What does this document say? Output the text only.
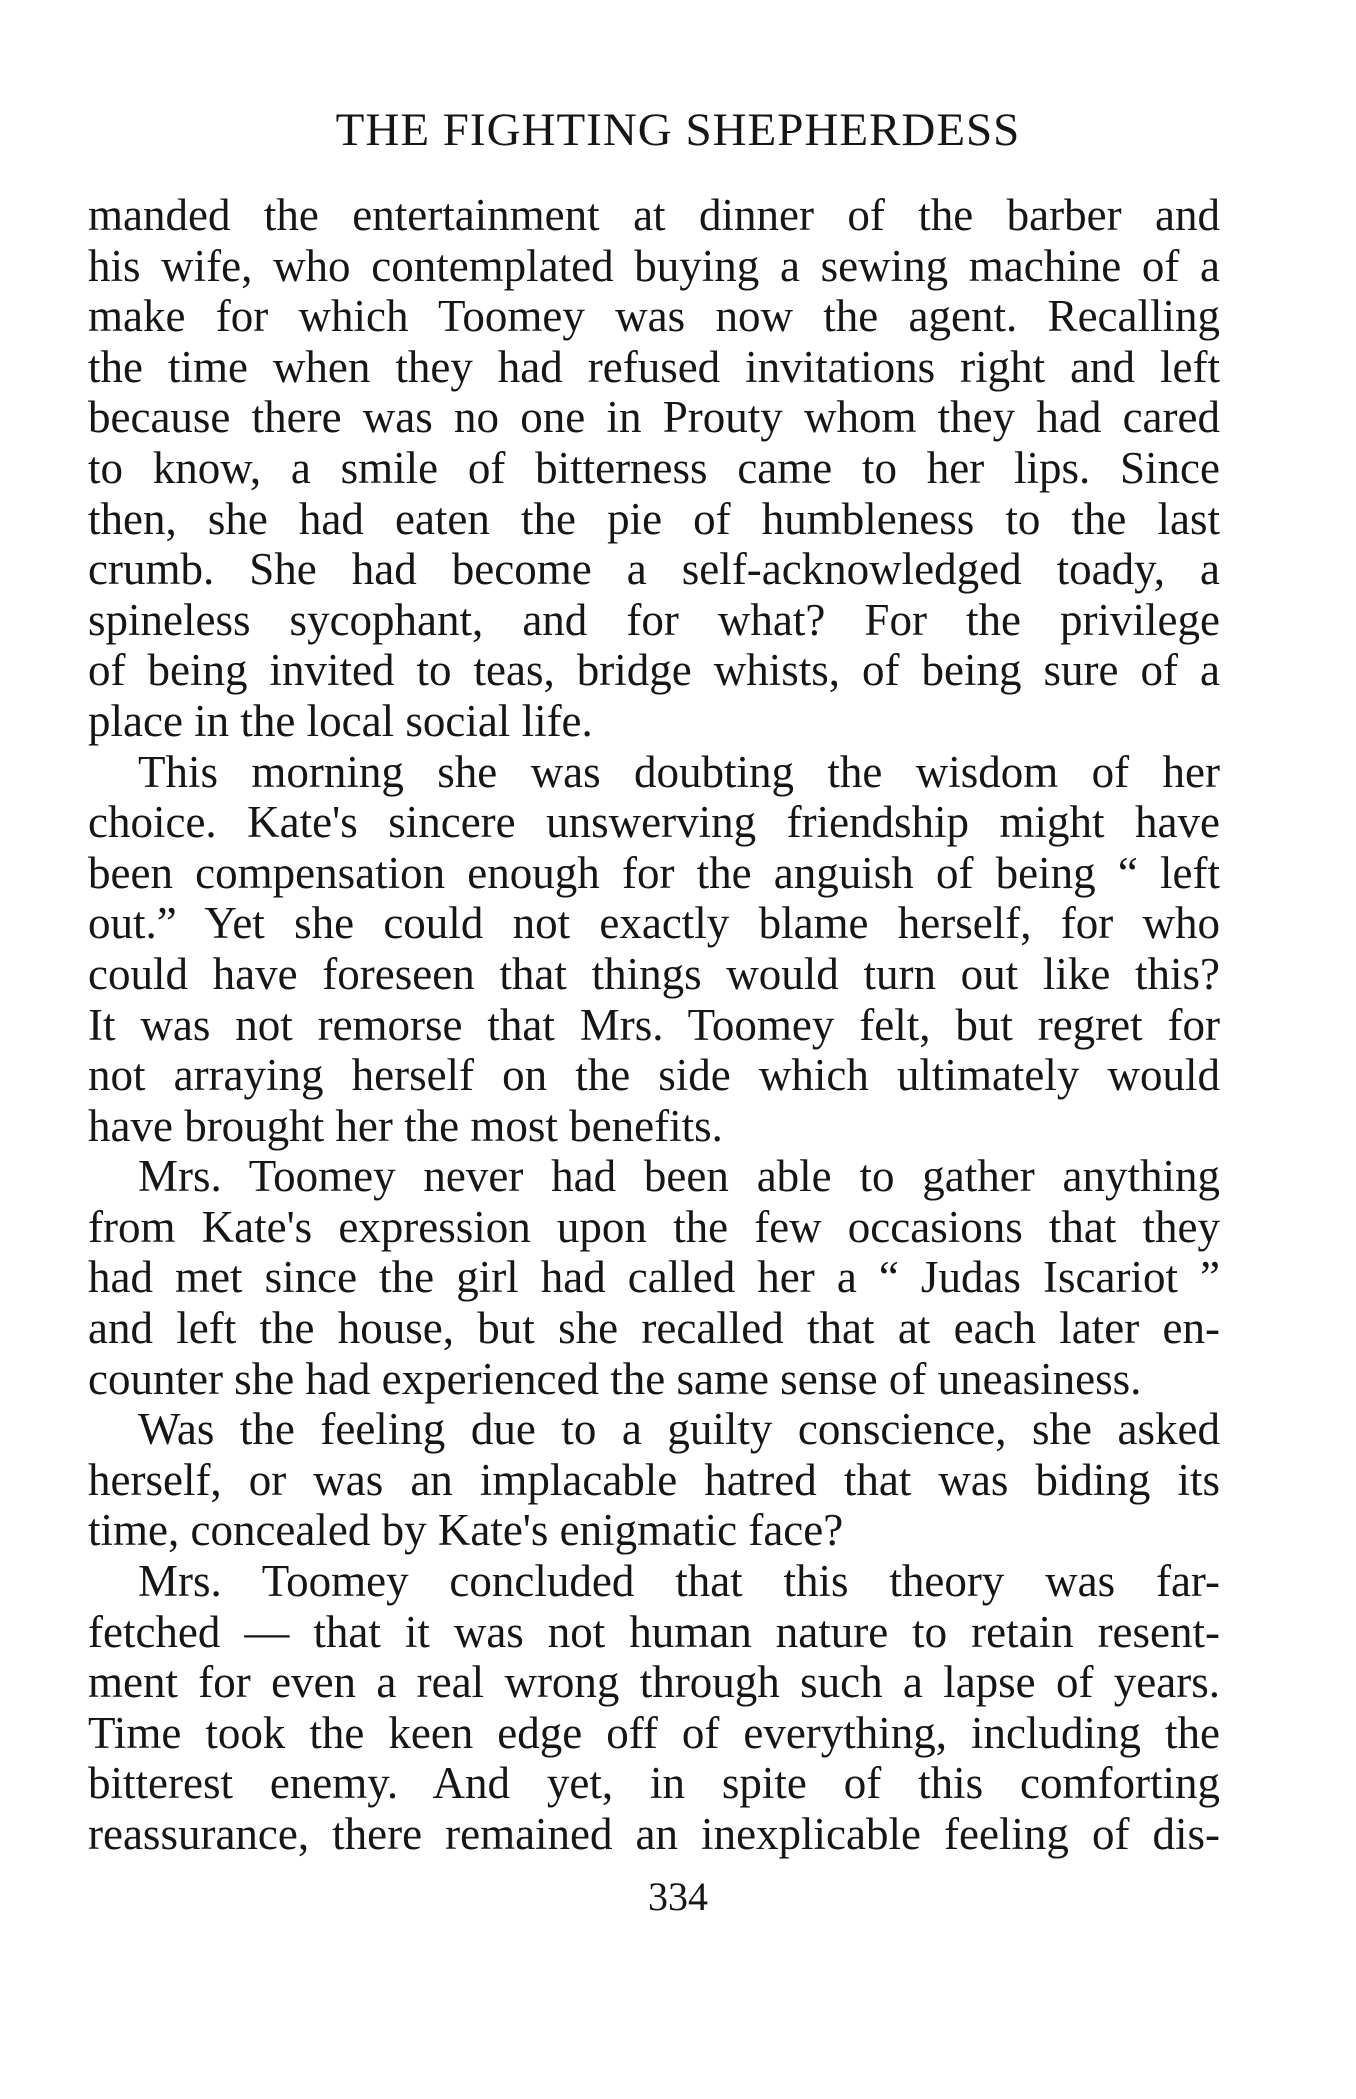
THE FIGHTING SHEPHERDESS
manded the entertainment at dinner of the barber and
his wife, who contemplated buying a sewing machine of a
make for which Toomey was now the agent. Recalling
the time when they had refused invitations right and left
because there was no one in Prouty whom they had cared
to know, a smile of bitterness came to her lips. Since
then, she had eaten the pie of humbleness to the last
crumb. She had become a self-acknowledged toady, a
spineless sycophant, and for what? For the privilege
of being invited to teas, bridge whists, of being sure of a
place in the local social life.
This morning she was doubting the wisdom of her
choice. Kate's sincere unswerving friendship might have
been compensation enough for the anguish of being “ left
out.” Yet she could not exactly blame herself, for who
could have foreseen that things would turn out like this?
It was not remorse that Mrs. Toomey felt, but regret for
not arraying herself on the side which ultimately would
have brought her the most benefits.
Mrs. Toomey never had been able to gather anything
from Kate's expression upon the few occasions that they
had met since the girl had called her a “ Judas Iscariot ”
and left the house, but she recalled that at each later en-
counter she had experienced the same sense of uneasiness.
Was the feeling due to a guilty conscience, she asked
herself, or was an implacable hatred that was biding its
time, concealed by Kate's enigmatic face?
Mrs. Toomey concluded that this theory was far-
fetched — that it was not human nature to retain resent-
ment for even a real wrong through such a lapse of years.
Time took the keen edge off of everything, including the
bitterest enemy. And yet, in spite of this comforting
reassurance, there remained an inexplicable feeling of dis-
334
